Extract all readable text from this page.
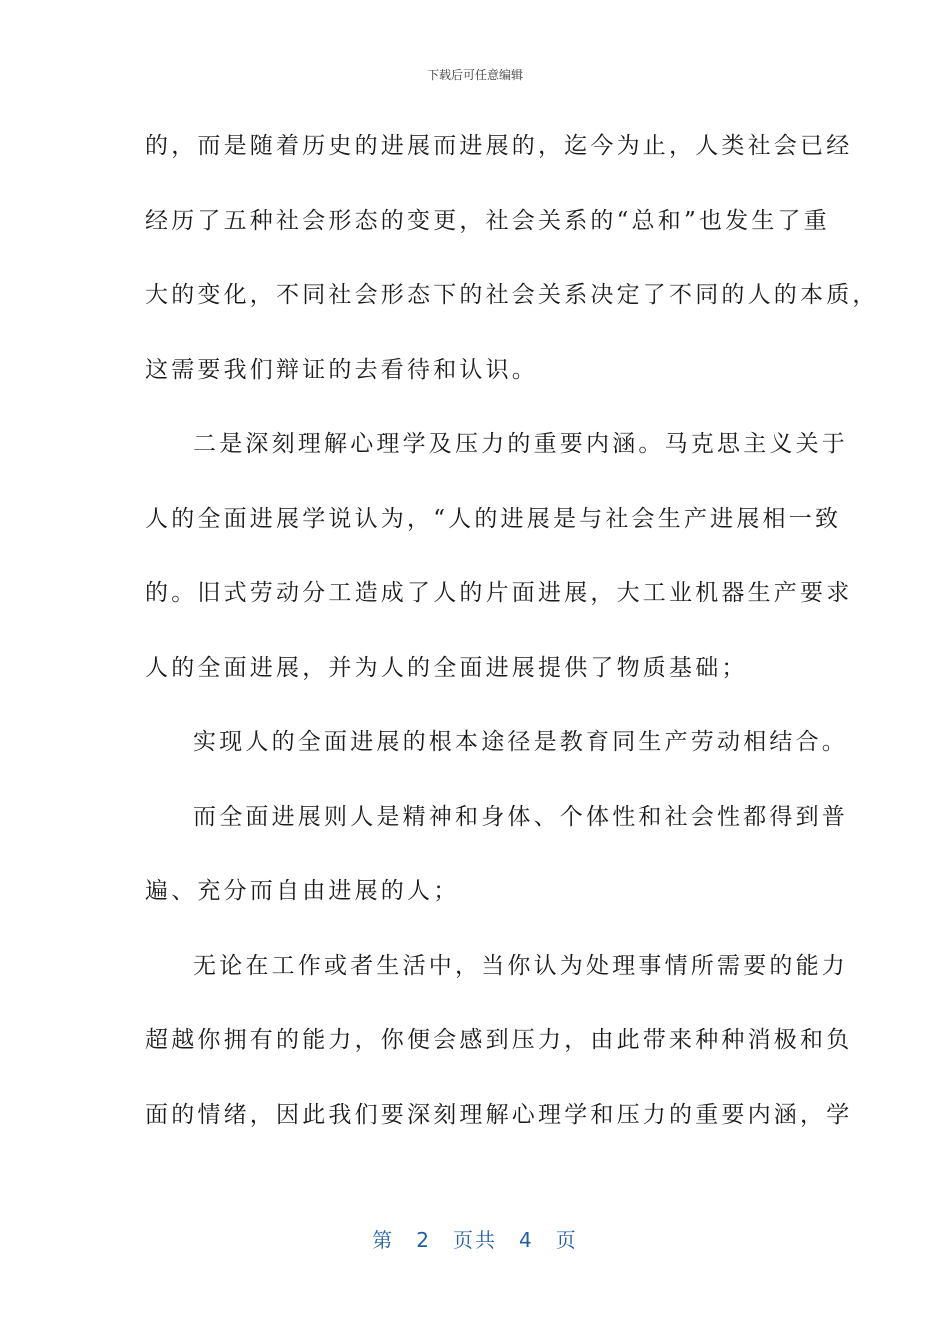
下载后可任意编辑
的，而是随着历史的进展而进展的，迄今为止，人类社会已经
经历了五种社会形态的变更，社会关系的“总和”也发生了重
大的变化，不同社会形态下的社会关系决定了不同的人的本质，
这需要我们辩证的去看待和认识。
二是深刻理解心理学及压力的重要内涵。马克思主义关于
人的全面进展学说认为，“人的进展是与社会生产进展相一致
的。旧式劳动分工造成了人的片面进展，大工业机器生产要求
人的全面进展，并为人的全面进展提供了物质基础；
实现人的全面进展的根本途径是教育同生产劳动相结合。
而全面进展则人是精神和身体、个体性和社会性都得到普
遍、充分而自由进展的人；
无论在工作或者生活中，当你认为处理事情所需要的能力
超越你拥有的能力，你便会感到压力，由此带来种种消极和负
面的情绪，因此我们要深刻理解心理学和压力的重要内涵，学
第 2 页共 4 页
